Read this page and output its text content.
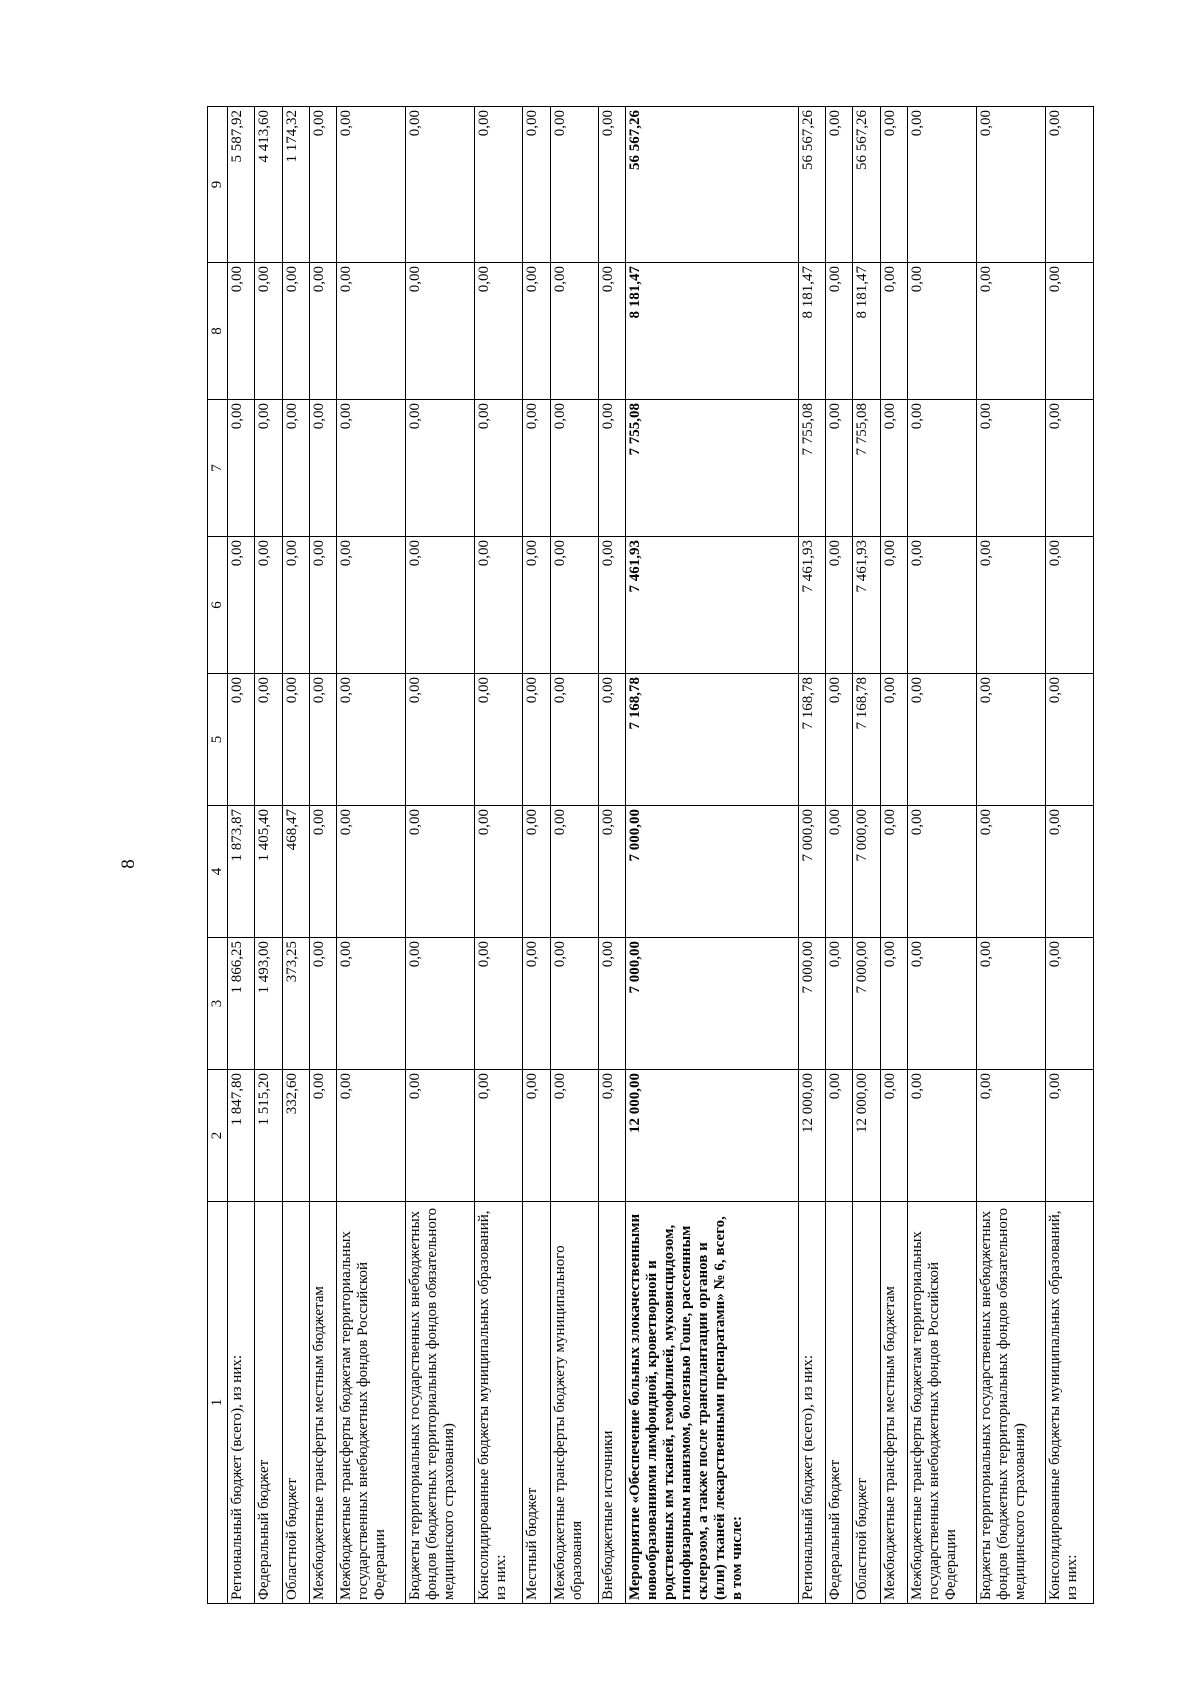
8
1	2	3	4	5	6	7	8	9
Региональный бюджет (всего), из них:	1 847,80	1 866,25	1 873,87	0,00	0,00	0,00	0,00	5 587,92
Федеральный бюджет	1 515,20	1 493,00	1 405,40	0,00	0,00	0,00	0,00	4 413,60
Областной бюджет	332,60	373,25	468,47	0,00	0,00	0,00	0,00	1 174,32
Межбюджетные трансферты местным бюджетам	0,00	0,00	0,00	0,00	0,00	0,00	0,00	0,00
Межбюджетные трансферты бюджетам территориальных государственных внебюджетных фондов Российской Федерации	0,00	0,00	0,00	0,00	0,00	0,00	0,00	0,00
Бюджеты территориальных государственных внебюджетных фондов (бюджетных территориальных фондов обязательного медицинского страхования)	0,00	0,00	0,00	0,00	0,00	0,00	0,00	0,00
Консолидированные бюджеты муниципальных образований, из них:	0,00	0,00	0,00	0,00	0,00	0,00	0,00	0,00
Местный бюджет	0,00	0,00	0,00	0,00	0,00	0,00	0,00	0,00
Межбюджетные трансферты бюджету муниципального образования	0,00	0,00	0,00	0,00	0,00	0,00	0,00	0,00
Внебюджетные источники	0,00	0,00	0,00	0,00	0,00	0,00	0,00	0,00
Мероприятие «Обеспечение больных злокачественными новообразованиями лимфоидной, кроветворной и родственных им тканей, гемофилией, муковисцидозом, гипофизарным нанизмом, болезнью Гоше, рассеянным склерозом, а также после трансплантации органов и (или) тканей лекарственными препаратами» № 6, всего, в том числе:	12 000,00	7 000,00	7 000,00	7 168,78	7 461,93	7 755,08	8 181,47	56 567,26
Региональный бюджет (всего), из них:	12 000,00	7 000,00	7 000,00	7 168,78	7 461,93	7 755,08	8 181,47	56 567,26
Федеральный бюджет	0,00	0,00	0,00	0,00	0,00	0,00	0,00	0,00
Областной бюджет	12 000,00	7 000,00	7 000,00	7 168,78	7 461,93	7 755,08	8 181,47	56 567,26
Межбюджетные трансферты местным бюджетам	0,00	0,00	0,00	0,00	0,00	0,00	0,00	0,00
Межбюджетные трансферты бюджетам территориальных государственных внебюджетных фондов Российской Федерации	0,00	0,00	0,00	0,00	0,00	0,00	0,00	0,00
Бюджеты территориальных государственных внебюджетных фондов (бюджетных территориальных фондов обязательного медицинского страхования)	0,00	0,00	0,00	0,00	0,00	0,00	0,00	0,00
Консолидированные бюджеты муниципальных образований, из них:	0,00	0,00	0,00	0,00	0,00	0,00	0,00	0,00
